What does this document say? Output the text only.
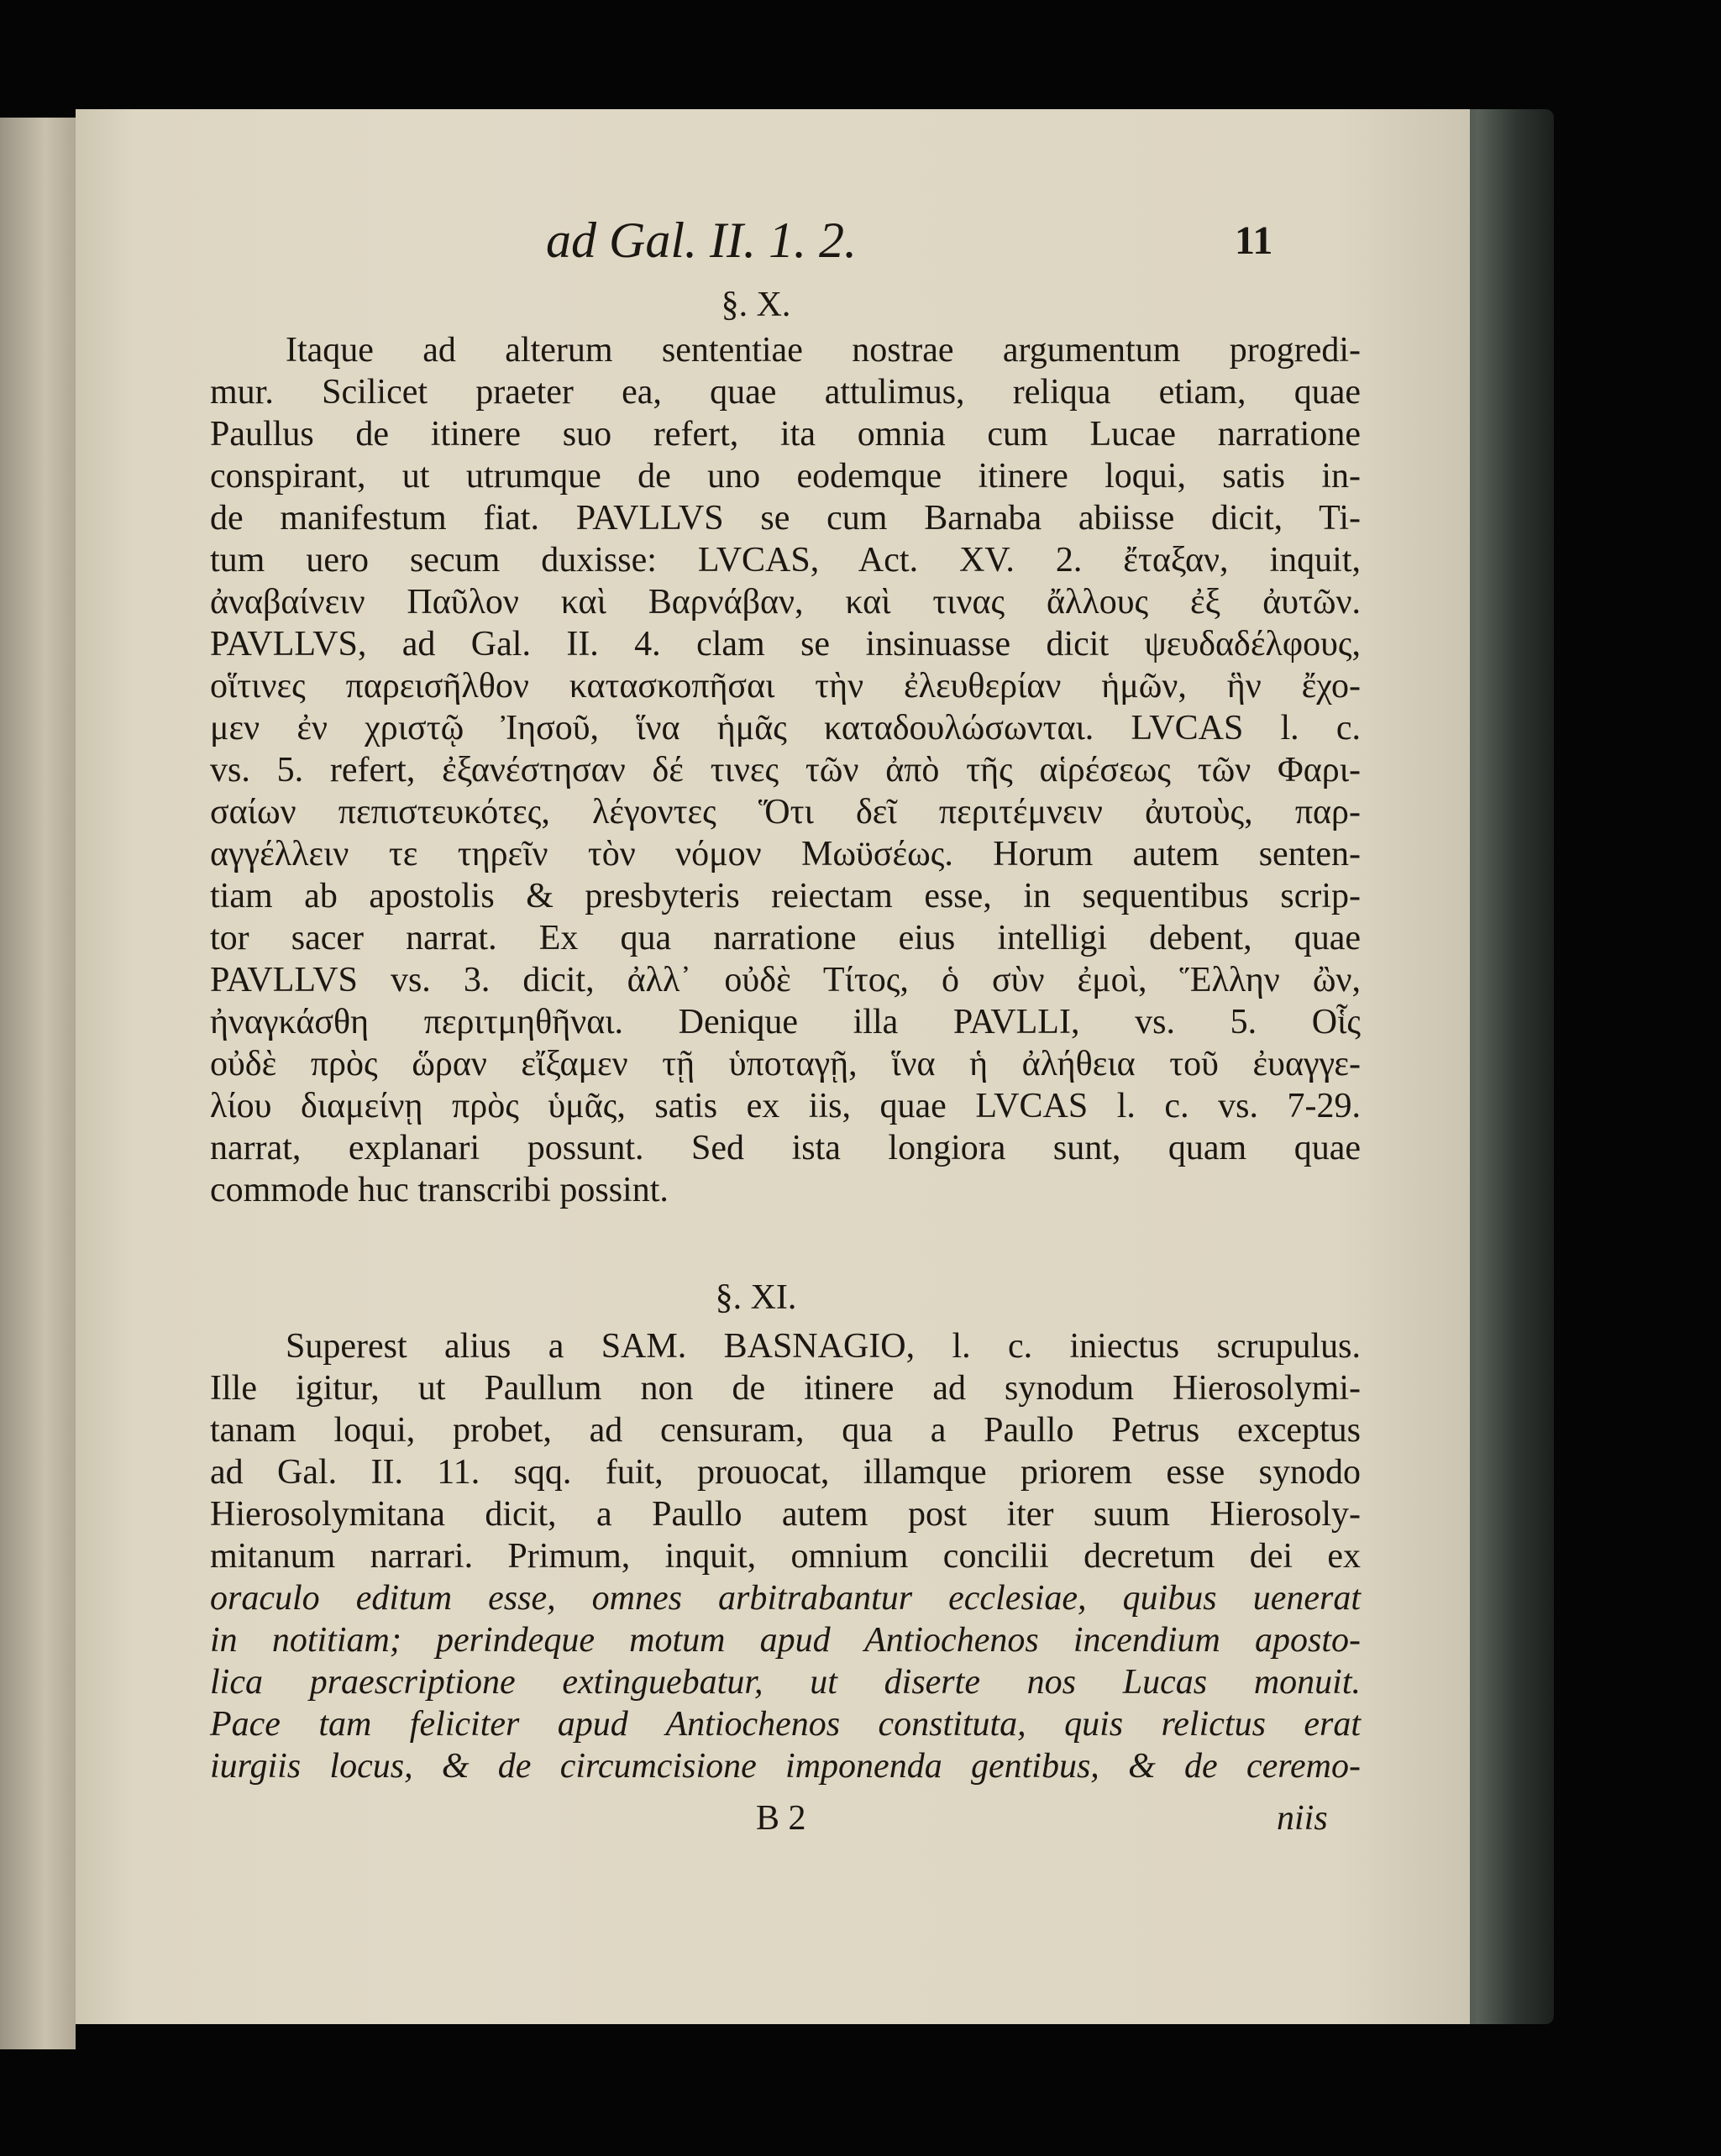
ad Gal. II. 1. 2.	11

§. X.

Itaque ad alterum sententiae nostrae argumentum progredi-

mur. Scilicet praeter ea, quae attulimus, reliqua etiam, quae

Paullus de itinere suo refert, ita omnia cum Lucae narratione

conspirant, ut utrumque de uno eodemque itinere loqui, satis in-

de manifestum fiat. PAVLLVS se cum Barnaba abiisse dicit, Ti-

tum uero secum duxisse: LVCAS, Act. XV. 2. ἔταξαν, inquit,

ἀναβαίνειν Παῦλον καὶ Βαρνάβαν, καὶ τινας ἄλλους ἐξ ἀυτῶν.

PAVLLVS, ad Gal. II. 4. clam se insinuasse dicit ψευδαδέλφους,

οἵτινες παρεισῆλθον κατασκοπῆσαι τὴν ἐλευθερίαν ἡμῶν, ἣν ἔχο-

μεν ἐν χριστῷ Ἰησοῦ, ἵνα ἡμᾶς καταδουλώσωνται. LVCAS l. c.

vs. 5. refert, ἐξανέστησαν δέ τινες τῶν ἀπὸ τῆς αἱρέσεως τῶν Φαρι-

σαίων πεπιστευκότες, λέγοντες Ὅτι δεῖ περιτέμνειν ἀυτοὺς, παρ-

αγγέλλειν τε τηρεῖν τὸν νόμον Μωϋσέως. Horum autem senten-

tiam ab apostolis & presbyteris reiectam esse, in sequentibus scrip-

tor sacer narrat. Ex qua narratione eius intelligi debent, quae

PAVLLVS vs. 3. dicit, ἀλλ᾽ οὐδὲ Τίτος, ὁ σὺν ἐμοὶ, Ἕλλην ὢν,

ἠναγκάσθη περιτμηθῆναι. Denique illa PAVLLI, vs. 5. Οἷς

οὐδὲ πρὸς ὥραν εἴξαμεν τῇ ὑποταγῇ, ἵνα ἡ ἀλήθεια τοῦ ἐυαγγε-

λίου διαμείνῃ πρὸς ὑμᾶς, satis ex iis, quae LVCAS l. c. vs. 7-29.

narrat, explanari possunt. Sed ista longiora sunt, quam quae

commode huc transcribi possint.

§. XI.

Superest alius a SAM. BASNAGIO, l. c. iniectus scrupulus.

Ille igitur, ut Paullum non de itinere ad synodum Hierosolymi-

tanam loqui, probet, ad censuram, qua a Paullo Petrus exceptus

ad Gal. II. 11. sqq. fuit, prouocat, illamque priorem esse synodo

Hierosolymitana dicit, a Paullo autem post iter suum Hierosoly-

mitanum narrari. Primum, inquit, omnium concilii decretum dei ex

oraculo editum esse, omnes arbitrabantur ecclesiae, quibus uenerat

in notitiam; perindeque motum apud Antiochenos incendium aposto-

lica praescriptione extinguebatur, ut diserte nos Lucas monuit.

Pace tam feliciter apud Antiochenos constituta, quis relictus erat

iurgiis locus, & de circumcisione imponenda gentibus, & de ceremo-

B 2	niis
